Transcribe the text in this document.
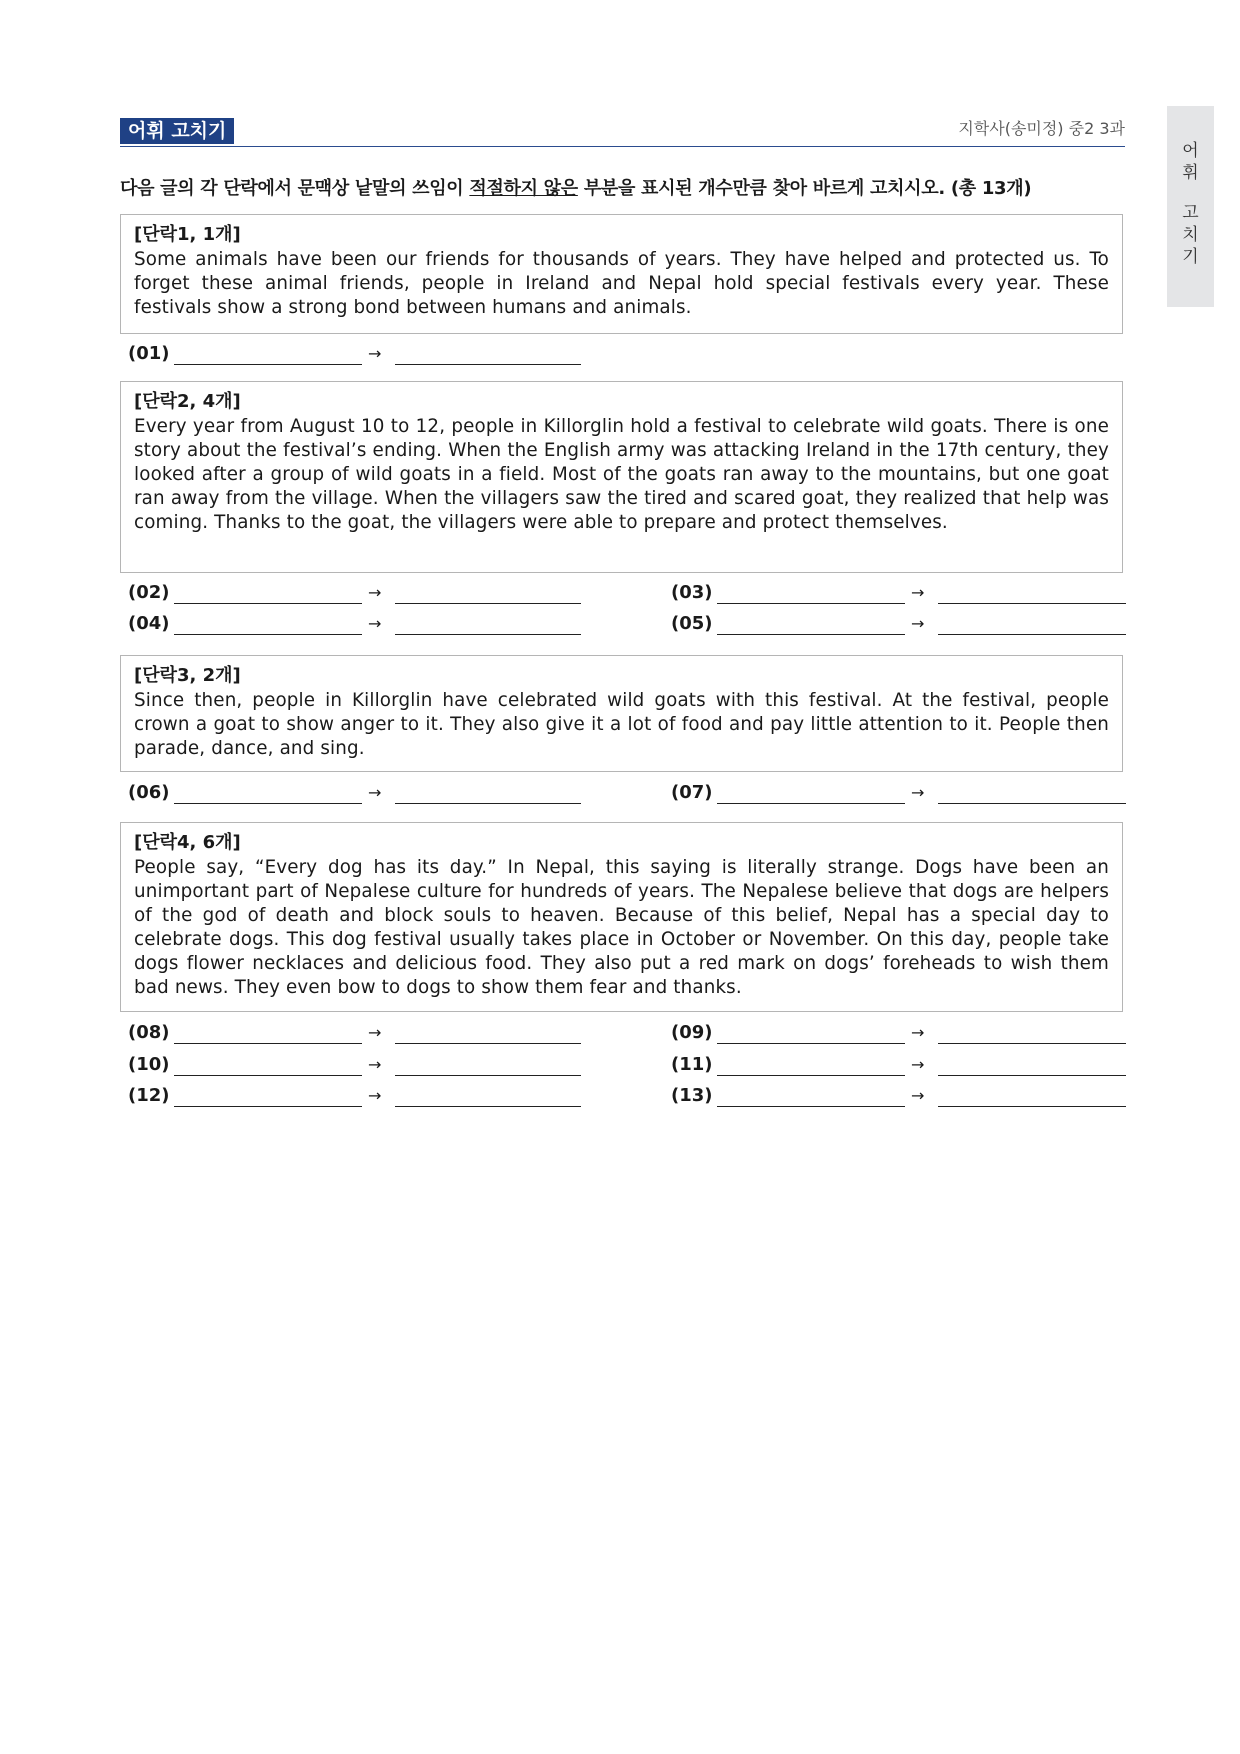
어휘 고치기	지학사(송미정) 중2 3과
어
휘
고
치
기
다음 글의 각 단락에서 문맥상 낱말의 쓰임이 적절하지 않은 부분을 표시된 개수만큼 찾아 바르게 고치시오. (총 13개)
[단락1, 1개]
Some animals have been our friends for thousands of years. They have helped and protected us. To forget these animal friends, people in Ireland and Nepal hold special festivals every year. These festivals show a strong bond between humans and animals.
(01)	→
[단락2, 4개]
Every year from August 10 to 12, people in Killorglin hold a festival to celebrate wild goats. There is one story about the festival’s ending. When the English army was attacking Ireland in the 17th century, they looked after a group of wild goats in a field. Most of the goats ran away to the mountains, but one goat ran away from the village. When the villagers saw the tired and scared goat, they realized that help was coming. Thanks to the goat, the villagers were able to prepare and protect themselves.
(02)	→	(03)	→
(04)	→	(05)	→
[단락3, 2개]
Since then, people in Killorglin have celebrated wild goats with this festival. At the festival, people crown a goat to show anger to it. They also give it a lot of food and pay little attention to it. People then parade, dance, and sing.
(06)	→	(07)	→
[단락4, 6개]
People say, “Every dog has its day.” In Nepal, this saying is literally strange. Dogs have been an unimportant part of Nepalese culture for hundreds of years. The Nepalese believe that dogs are helpers of the god of death and block souls to heaven. Because of this belief, Nepal has a special day to celebrate dogs. This dog festival usually takes place in October or November. On this day, people take dogs flower necklaces and delicious food. They also put a red mark on dogs’ foreheads to wish them bad news. They even bow to dogs to show them fear and thanks.
(08)	→	(09)	→
(10)	→	(11)	→
(12)	→	(13)	→
